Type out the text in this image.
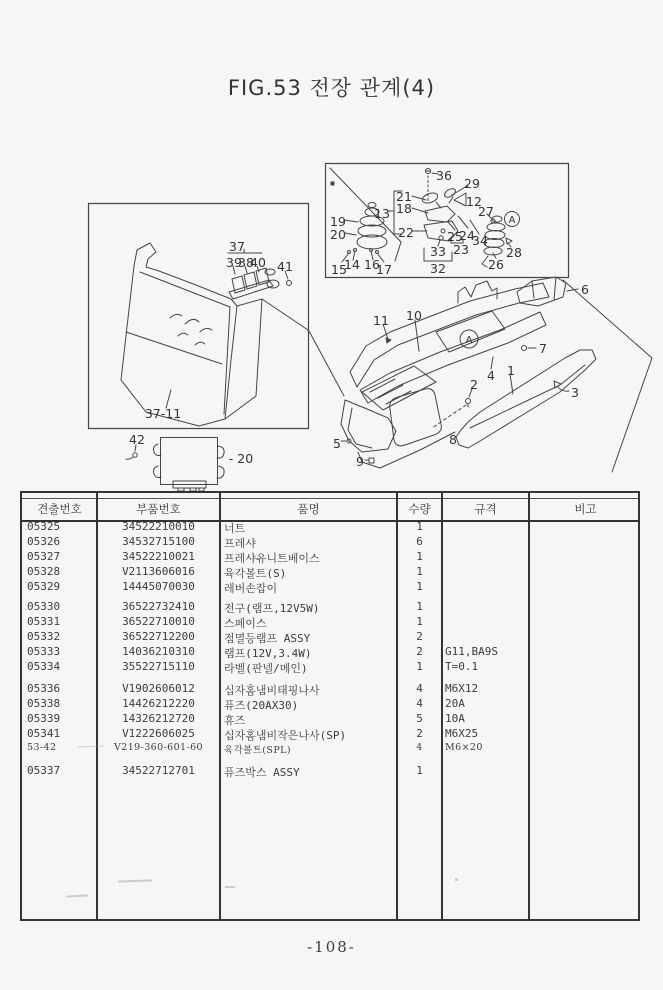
FIG.53 전장 관계(4)
37
39
38
40 41
37-11
42
- 20
36
29
21
18
13
19
20	22
12
27
25
24
34
23
33
32
28
26
15
14 16
17
11 10
6
7
1
2
4
3
5	8
9
A
A
견출번호	부품번호	품명	수량	규격	비고
05325	34522210010	너트	1
05326	34532715100	프레샤	6
05327	34522210021	프레샤유니트베이스	1
05328	V2113606016	육각볼트(S)	1
05329	14445070030	레버손잡이	1
05330	36522732410	전구(램프,12V5W)	1
05331	36522710010	스페이스	1
05332	36522712200	점멸등램프 ASSY	2
05333	14036210310	램프(12V,3.4W)	2	G11,BA9S
05334	35522715110	라벨(판넬/메인)	1	T=0.1
05336	V1902606012	십자홈냄비태핑나사	4	M6X12
05338	14426212220	퓨즈(20AX30)	4	20A
05339	14326212720	휴즈	5	10A
05341	V1222606025	십자홈냄비작은나사(SP)	2	M6X25
53-42	V219-360-601-60	육각볼트(SPL)	4	M6×20
05337	34522712701	퓨즈박스 ASSY	1
-108-
